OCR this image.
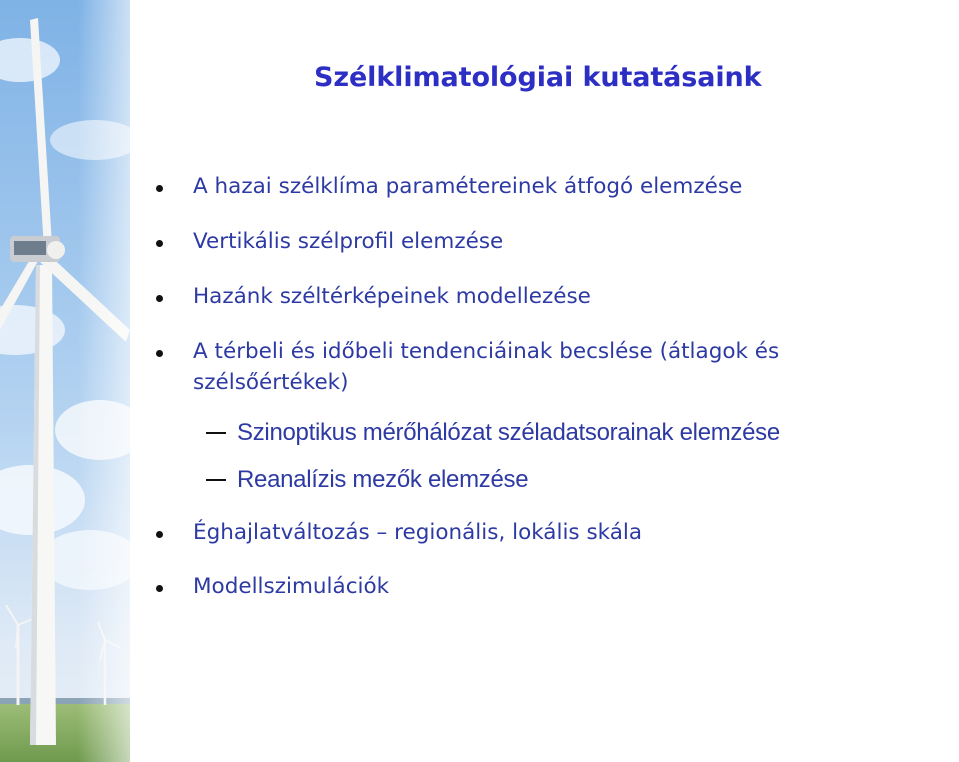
Szélklimatológiai kutatásaink
A hazai szélklíma paramétereinek átfogó elemzése
Vertikális szélprofil elemzése
Hazánk széltérképeinek modellezése
A térbeli és időbeli tendenciáinak becslése (átlagok és
szélsőértékek)
Szinoptikus mérőhálózat széladatsorainak elemzése
Reanalízis mezők elemzése
Éghajlatváltozás – regionális, lokális skála
Modellszimulációk
